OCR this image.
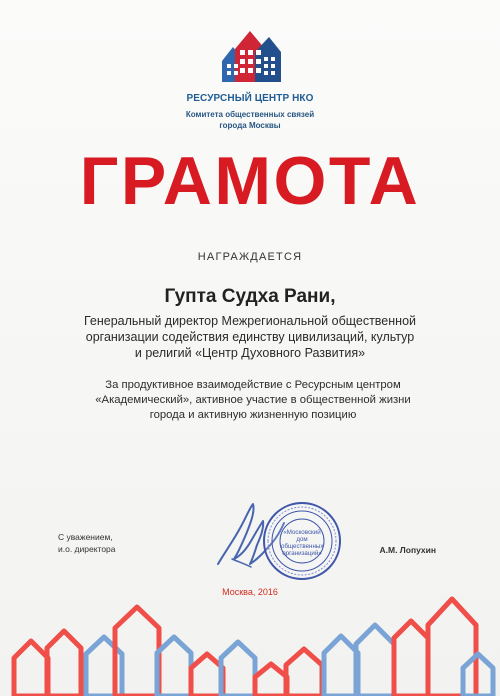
РЕСУРСНЫЙ ЦЕНТР НКО
Комитета общественных связей
города Москвы
ГРАМОТА
НАГРАЖДАЕТСЯ
Гупта Судха Рани,
Генеральный директор Межрегиональной общественной
организации содействия единству цивилизаций, культур
и религий «Центр Духовного Развития»
За продуктивное взаимодействие с Ресурсным центром
«Академический», активное участие в общественной жизни
города и активную жизненную позицию
С уважением,
и.о. директора	А.М. Лопухин
Москва, 2016
«Московский
дом
общественных
организаций»
